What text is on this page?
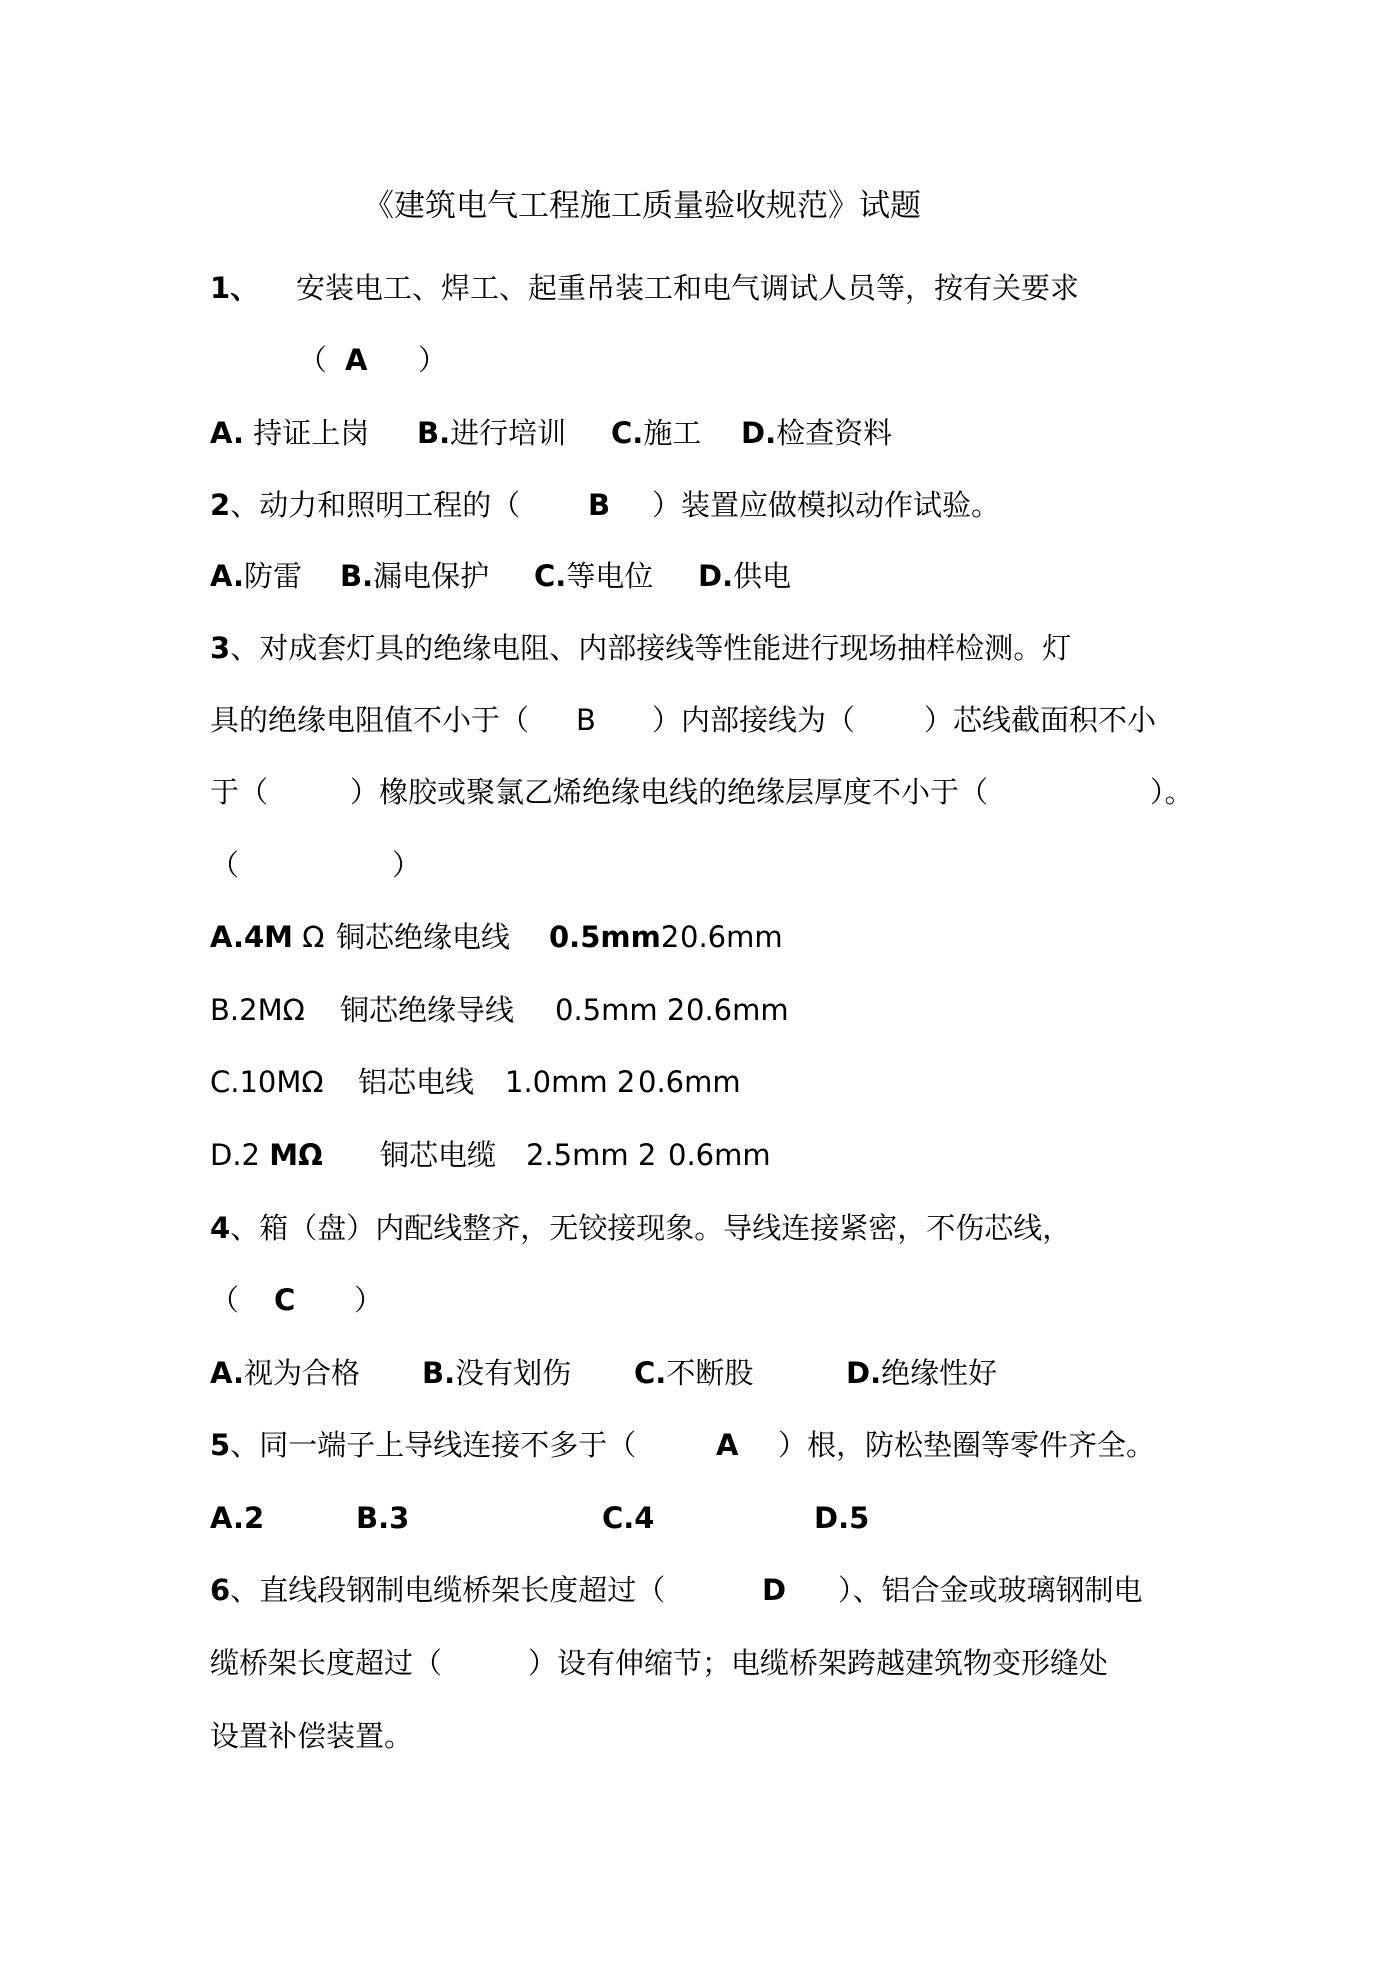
《建筑电气工程施工质量验收规范》试题
1、 安装电工、焊工、起重吊装工和电气调试人员等，按有关要求
（ A ）
A. 持证上岗 B.进行培训 C.施工 D.检查资料
2、动力和照明工程的（ B ）装置应做模拟动作试验。
A.防雷 B.漏电保护 C.等电位 D.供电
3、对成套灯具的绝缘电阻、内部接线等性能进行现场抽样检测。灯
具的绝缘电阻值不小于（ B ）内部接线为（ ）芯线截面积不小
于（	）橡胶或聚氯乙烯绝缘电线的绝缘层厚度不小于（	）。
（	）
A.4M Ω 铜芯绝缘电线 0.5mm2 0.6mm
B.2MΩ 铜芯绝缘导线 0.5mm 2 0.6mm
C.10MΩ 铝芯电线 1.0mm 2 0.6mm
D.2 MΩ 铜芯电缆 2.5mm 2 0.6mm
4、箱（盘）内配线整齐，无铰接现象。导线连接紧密，不伤芯线，
（ C ）
A.视为合格 B.没有划伤 C.不断股	D.绝缘性好
5、同一端子上导线连接不多于（	A ）根，防松垫圈等零件齐全。
A.2	B.3	C.4	D.5
6、直线段钢制电缆桥架长度超过（	D ）、铝合金或玻璃钢制电
缆桥架长度超过（	）设有伸缩节；电缆桥架跨越建筑物变形缝处
设置补偿装置。
